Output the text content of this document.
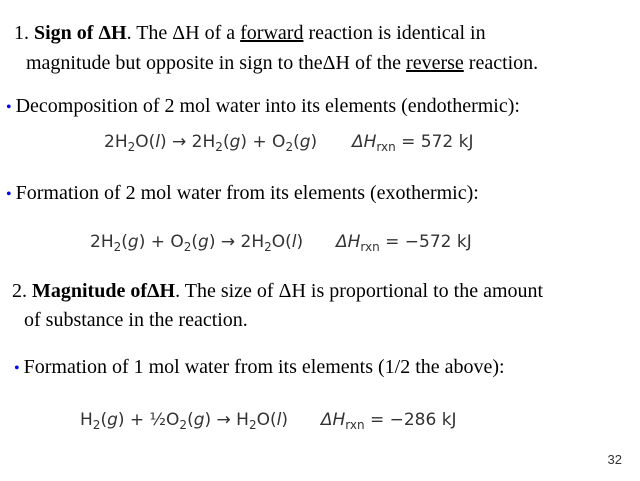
1. Sign of ΔH. The ΔH of a forward reaction is identical in
magnitude but opposite in sign to theΔH of the reverse reaction.
• Decomposition of 2 mol water into its elements (endothermic):
$2H_2O(l) \to 2H_2(g) + O_2(g) \Delta H_{rxn} = 572$ kJ
• Formation of 2 mol water from its elements (exothermic):
$2H_2(g) + O_2(g) \to 2H_2O(l) \Delta H_{rxn} = -572$ kJ
2. Magnitude ofΔH. The size of ΔH is proportional to the amount
of substance in the reaction.
• Formation of 1 mol water from its elements (1/2 the above):
$H_2(g)$ + $\frac{1}{2}O_2(g) \to H_2O(l) \Delta H_{rxn} = -286$ kJ
32
